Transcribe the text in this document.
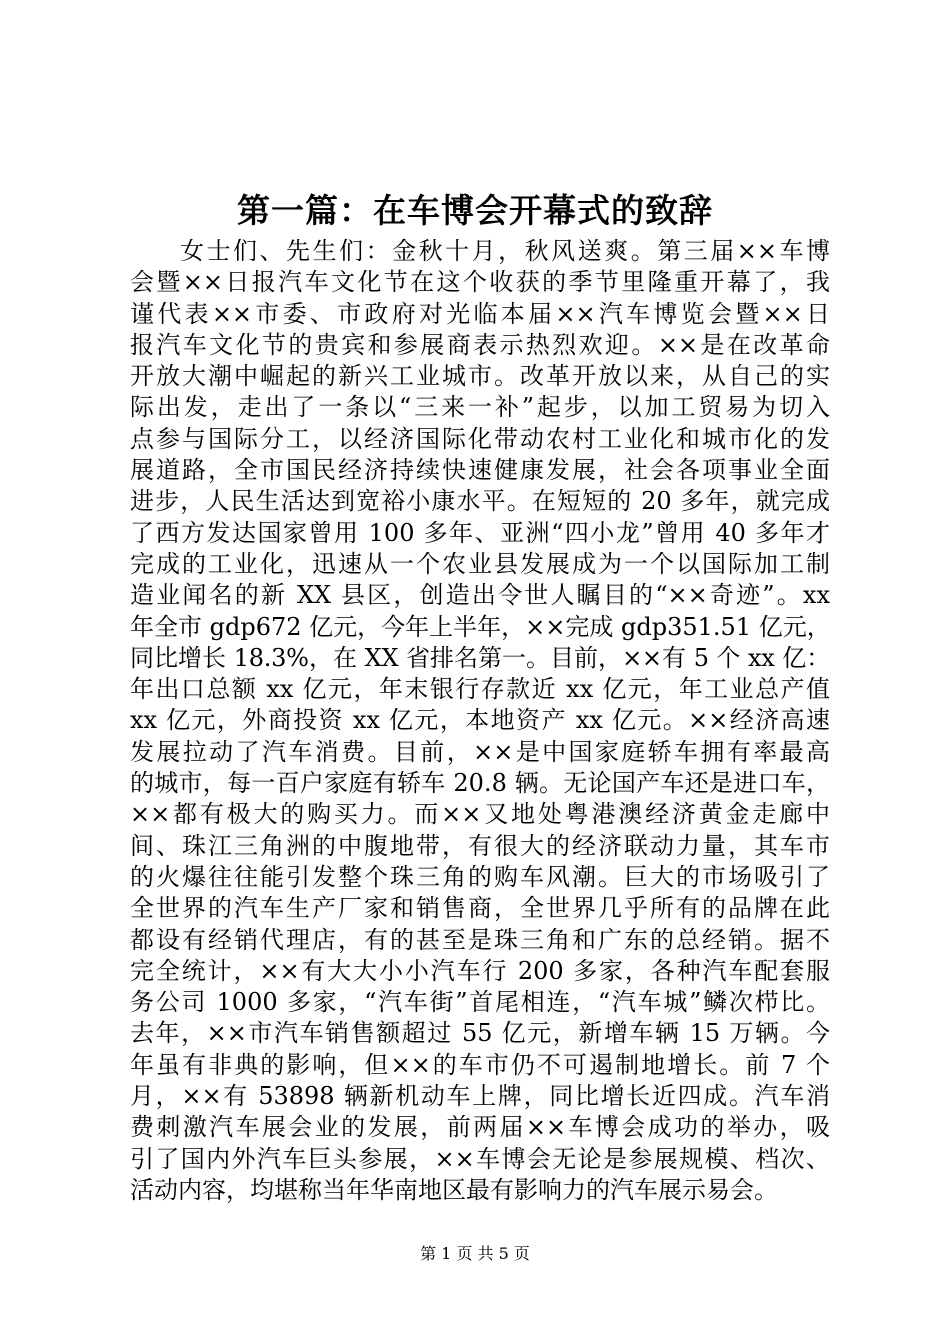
第一篇：在车博会开幕式的致辞

女士们、先生们：金秋十月，秋风送爽。第三届××车博
会暨××日报汽车文化节在这个收获的季节里隆重开幕了，我
谨代表××市委、市政府对光临本届××汽车博览会暨××日
报汽车文化节的贵宾和参展商表示热烈欢迎。××是在改革命
开放大潮中崛起的新兴工业城市。改革开放以来，从自己的实
际出发，走出了一条以“三来一补”起步，以加工贸易为切入
点参与国际分工，以经济国际化带动农村工业化和城市化的发
展道路，全市国民经济持续快速健康发展，社会各项事业全面
进步，人民生活达到宽裕小康水平。在短短的 20 多年，就完成
了西方发达国家曾用 100 多年、亚洲“四小龙”曾用 40 多年才
完成的工业化，迅速从一个农业县发展成为一个以国际加工制
造业闻名的新 XX 县区，创造出令世人瞩目的“××奇迹”。xx
年全市 gdp672 亿元，今年上半年，××完成 gdp351.51 亿元，
同比增长 18.3%，在 XX 省排名第一。目前，××有 5 个 xx 亿：
年出口总额 xx 亿元，年末银行存款近 xx 亿元，年工业总产值
xx 亿元，外商投资 xx 亿元，本地资产 xx 亿元。××经济高速
发展拉动了汽车消费。目前，××是中国家庭轿车拥有率最高
的城市，每一百户家庭有轿车 20.8 辆。无论国产车还是进口车，
××都有极大的购买力。而××又地处粤港澳经济黄金走廊中
间、珠江三角洲的中腹地带，有很大的经济联动力量，其车市
的火爆往往能引发整个珠三角的购车风潮。巨大的市场吸引了
全世界的汽车生产厂家和销售商，全世界几乎所有的品牌在此
都设有经销代理店，有的甚至是珠三角和广东的总经销。据不
完全统计，××有大大小小汽车行 200 多家，各种汽车配套服
务公司 1000 多家，“汽车街”首尾相连，“汽车城”鳞次栉比。
去年，××市汽车销售额超过 55 亿元，新增车辆 15 万辆。今
年虽有非典的影响，但××的车市仍不可遏制地增长。前 7 个
月，××有 53898 辆新机动车上牌，同比增长近四成。汽车消
费刺激汽车展会业的发展，前两届××车博会成功的举办，吸
引了国内外汽车巨头参展，××车博会无论是参展规模、档次、
活动内容，均堪称当年华南地区最有影响力的汽车展示易会。

第 1 页 共 5 页
